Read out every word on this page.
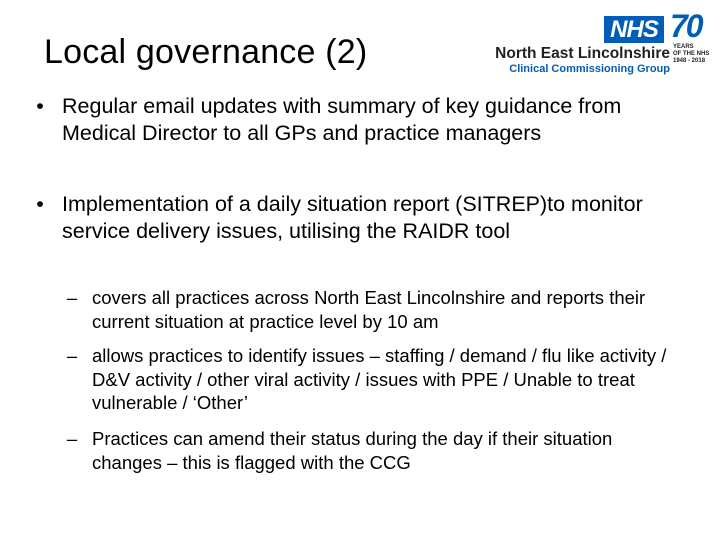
Local governance (2)
NHS 70
YEARS
OF THE NHS
1948 - 2018
North East Lincolnshire
Clinical Commissioning Group
• Regular email updates with summary of key guidance from Medical Director to all GPs and practice managers
• Implementation of a daily situation report (SITREP)to monitor service delivery issues, utilising the RAIDR tool
– covers all practices across North East Lincolnshire and reports their current situation at practice level by 10 am
– allows practices to identify issues – staffing / demand / flu like activity / D&V activity / other viral activity / issues with PPE / Unable to treat vulnerable / ‘Other’
– Practices can amend their status during the day if their situation changes – this is flagged with the CCG
